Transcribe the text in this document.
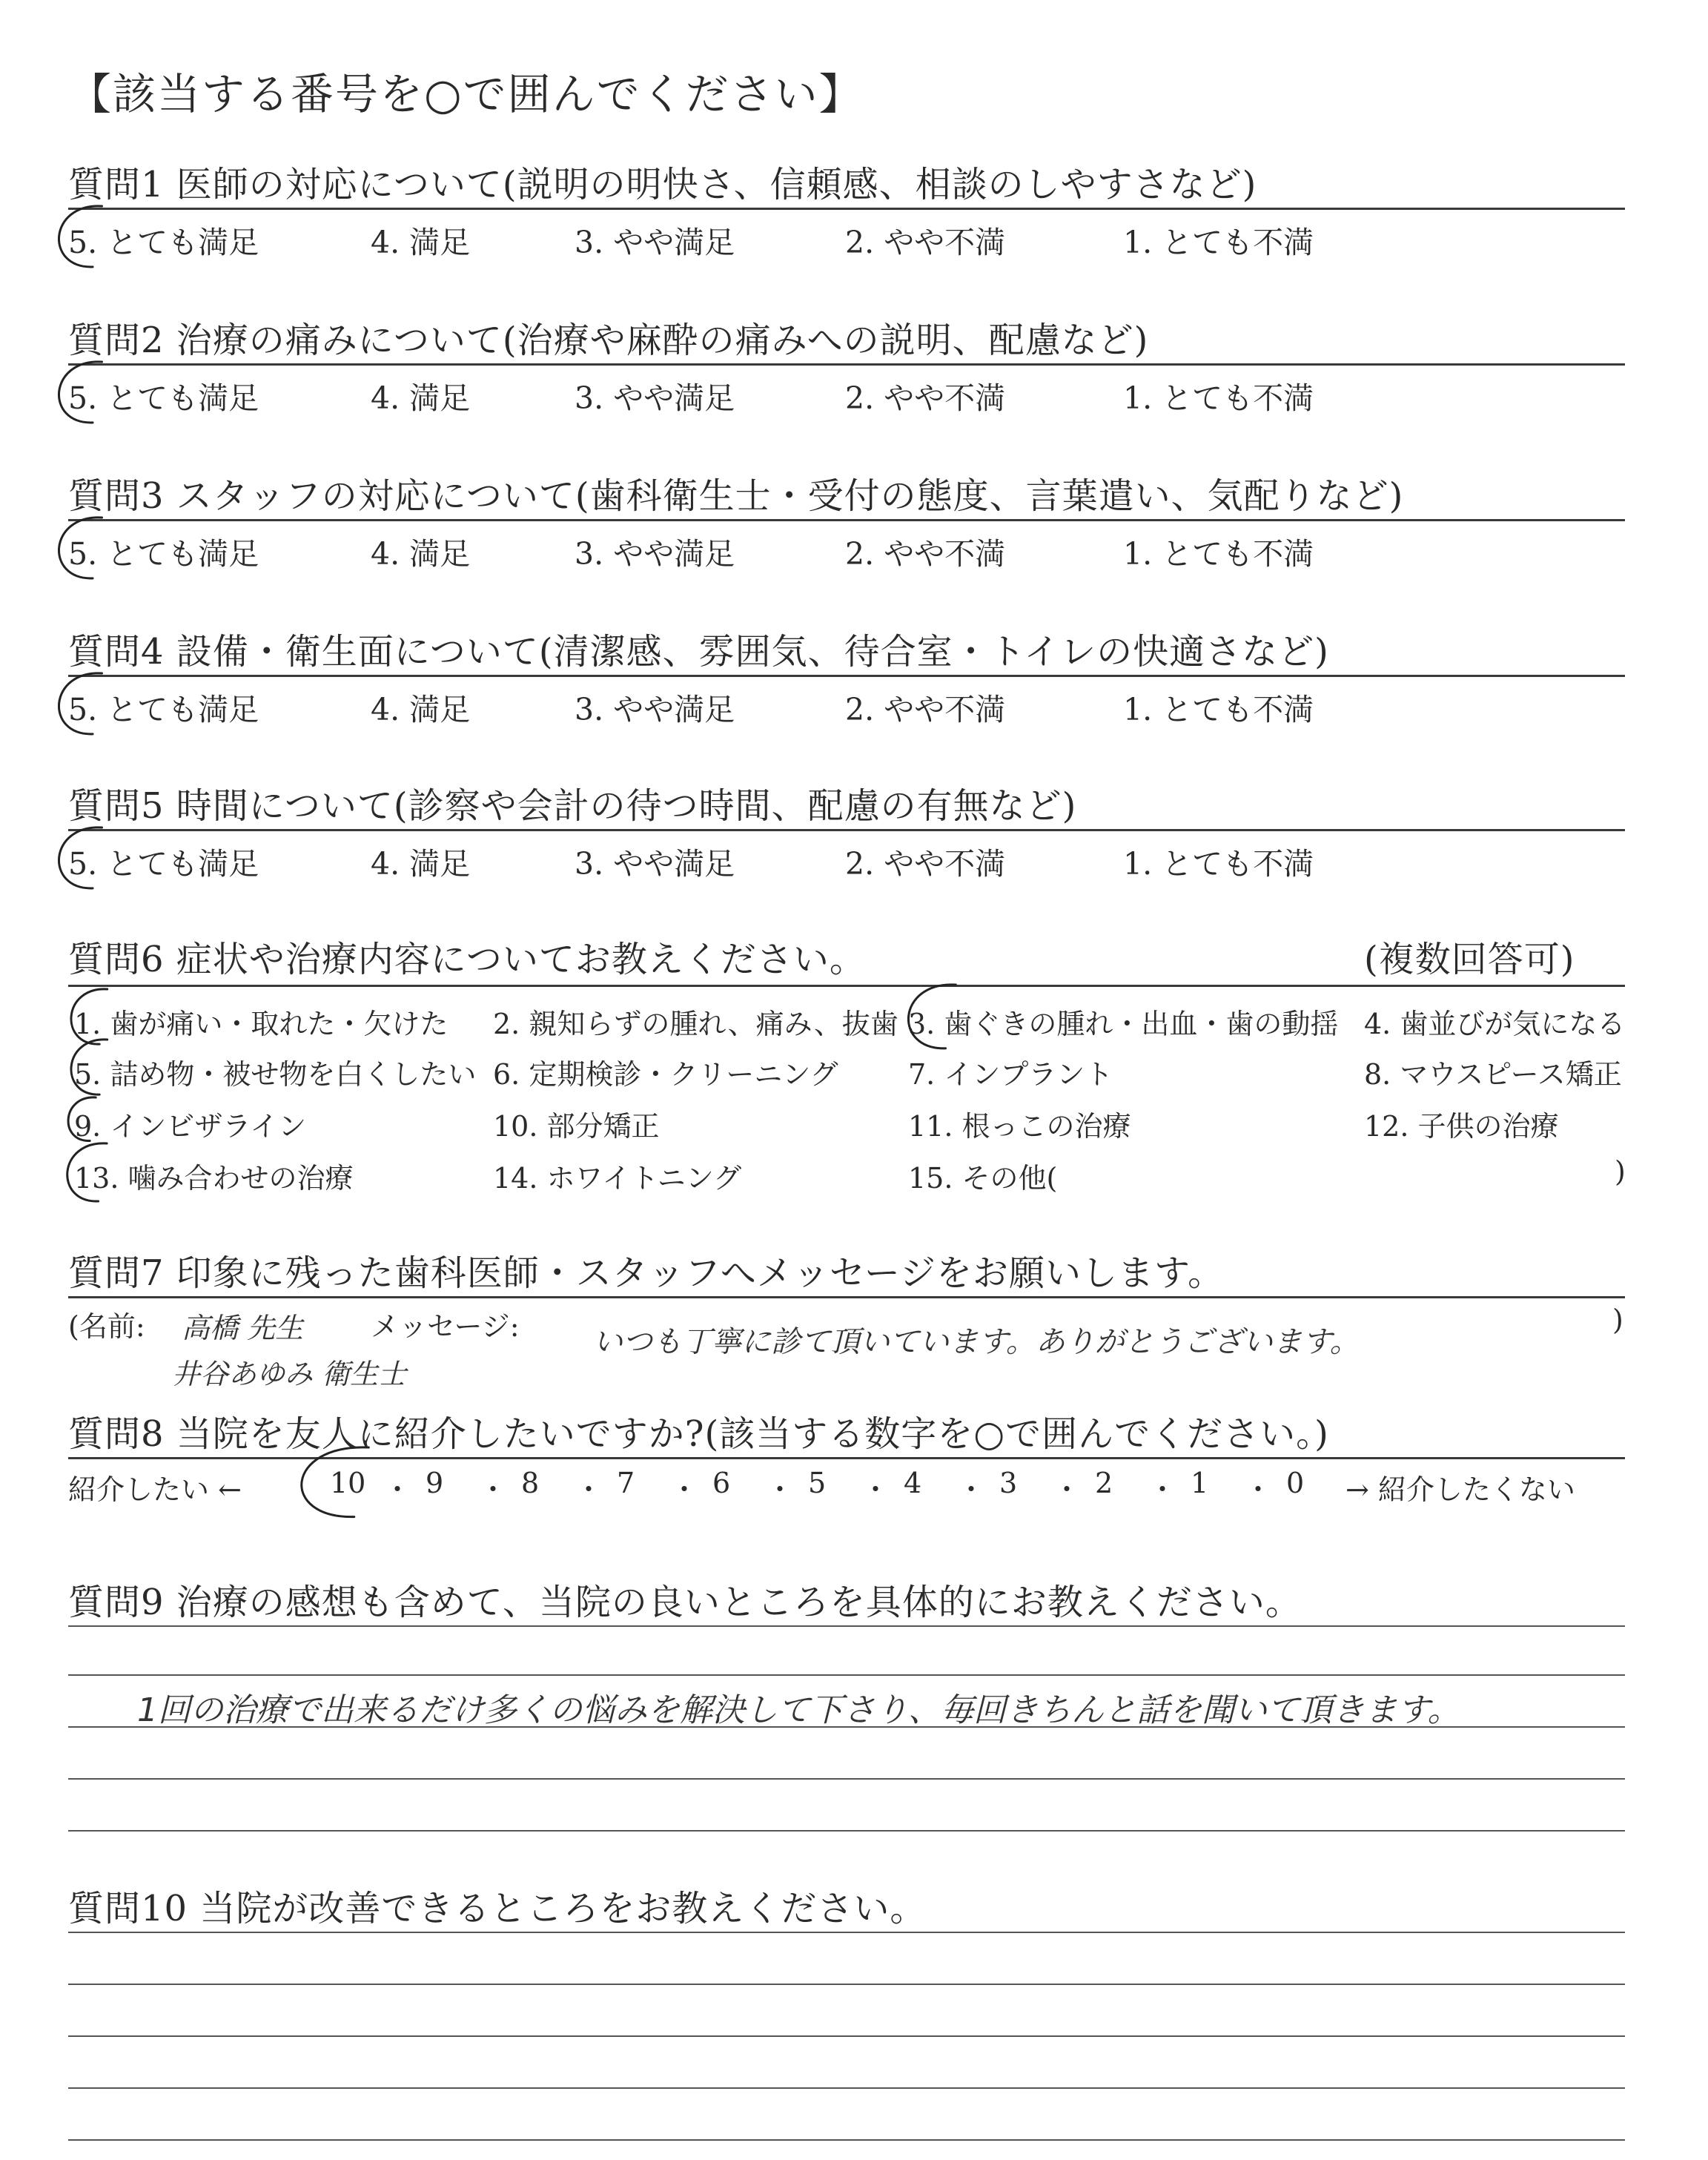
【該当する番号を○で囲んでください】
質問1 医師の対応について(説明の明快さ、信頼感、相談のしやすさなど)
5. とても満足	4. 満足	3. やや満足	2. やや不満	1. とても不満
質問2 治療の痛みについて(治療や麻酔の痛みへの説明、配慮など)
5. とても満足	4. 満足	3. やや満足	2. やや不満	1. とても不満
質問3 スタッフの対応について(歯科衛生士・受付の態度、言葉遣い、気配りなど)
5. とても満足	4. 満足	3. やや満足	2. やや不満	1. とても不満
質問4 設備・衛生面について(清潔感、雰囲気、待合室・トイレの快適さなど)
5. とても満足	4. 満足	3. やや満足	2. やや不満	1. とても不満
質問5 時間について(診察や会計の待つ時間、配慮の有無など)
5. とても満足	4. 満足	3. やや満足	2. やや不満	1. とても不満
質問6 症状や治療内容についてお教えください。	(複数回答可)
1. 歯が痛い・取れた・欠けた 2. 親知らずの腫れ、痛み、抜歯 3. 歯ぐきの腫れ・出血・歯の動揺 4. 歯並びが気になる
5. 詰め物・被せ物を白くしたい 6. 定期検診・クリーニング 7. インプラント	8. マウスピース矯正
9. インビザライン	10. 部分矯正	11. 根っこの治療	12. 子供の治療
13. 噛み合わせの治療	14. ホワイトニング	15. その他(	)
質問7 印象に残った歯科医師・スタッフへメッセージをお願いします。
(名前: 高橋 先生
井谷あゆみ 衛生士
メッセージ: いつも丁寧に診て頂いています。ありがとうございます。
)
質問8 当院を友人に紹介したいですか?(該当する数字を○で囲んでください。)
紹介したい ←	→ 紹介したくない
10 ・ 9 ・ 8 ・ 7 ・ 6 ・ 5 ・ 4 ・ 3 ・ 2 ・ 1 ・ 0
質問9 治療の感想も含めて、当院の良いところを具体的にお教えください。
1回の治療で出来るだけ多くの悩みを解決して下さり、毎回きちんと話を聞いて頂きます。
質問10 当院が改善できるところをお教えください。
